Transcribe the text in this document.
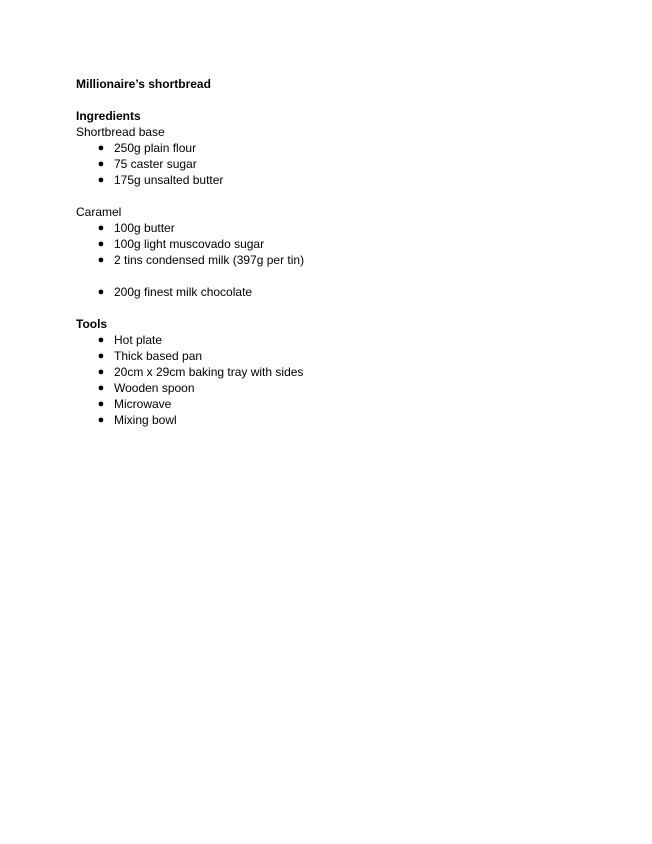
Millionaire’s shortbread
Ingredients
Shortbread base
● 250g plain flour
● 75 caster sugar
● 175g unsalted butter
Caramel
● 100g butter
● 100g light muscovado sugar
● 2 tins condensed milk (397g per tin)
● 200g finest milk chocolate
Tools
● Hot plate
● Thick based pan
● 20cm x 29cm baking tray with sides
● Wooden spoon
● Microwave
● Mixing bowl
